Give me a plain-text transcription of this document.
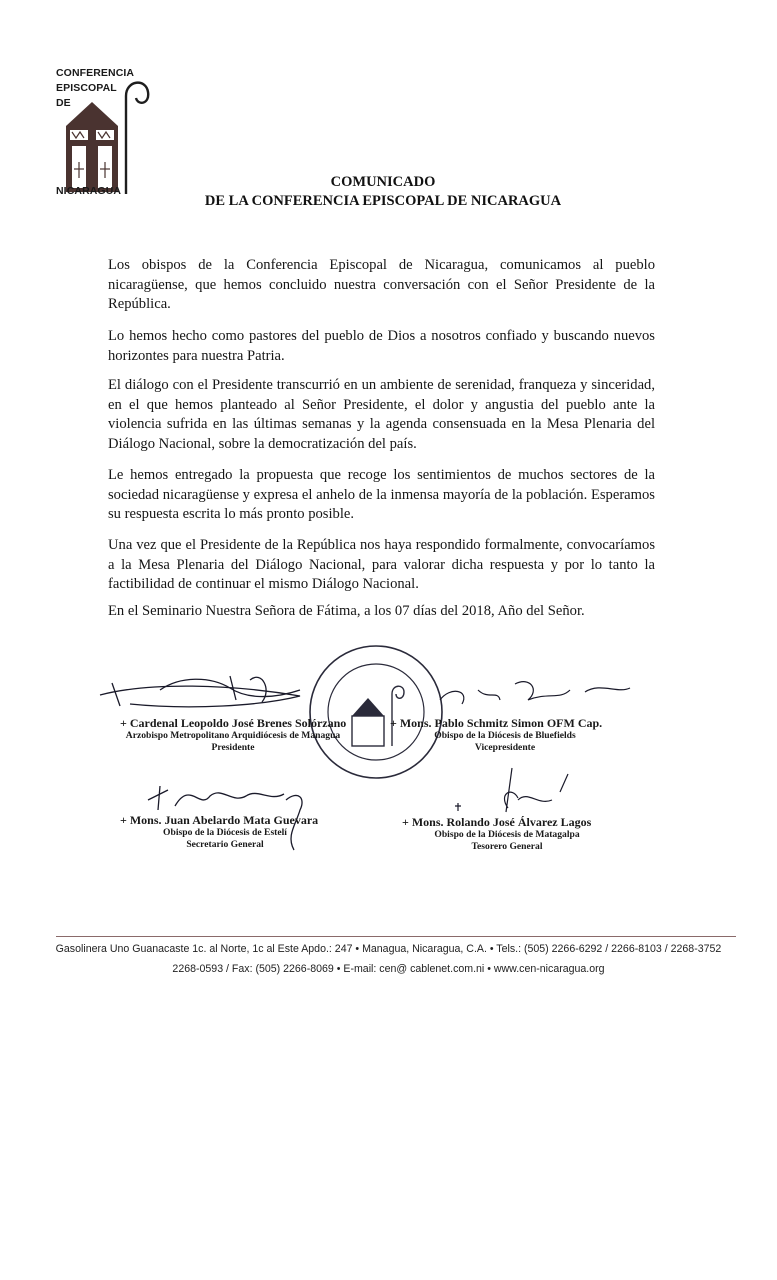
CONFERENCIA
EPISCOPAL
DE
NICARAGUA
COMUNICADO
DE LA CONFERENCIA EPISCOPAL DE NICARAGUA

Los obispos de la Conferencia Episcopal de Nicaragua, comunicamos al pueblo nicaragüense, que hemos concluido nuestra conversación con el Señor Presidente de la República.

Lo hemos hecho como pastores del pueblo de Dios a nosotros confiado y buscando nuevos horizontes para nuestra Patria.

El diálogo con el Presidente transcurrió en un ambiente de serenidad, franqueza y sinceridad, en el que hemos planteado al Señor Presidente, el dolor y angustia del pueblo ante la violencia sufrida en las últimas semanas y la agenda consensuada en la Mesa Plenaria del Diálogo Nacional, sobre la democratización del país.

Le hemos entregado la propuesta que recoge los sentimientos de muchos sectores de la sociedad nicaragüense y expresa el anhelo de la inmensa mayoría de la población. Esperamos su respuesta escrita lo más pronto posible.

Una vez que el Presidente de la República nos haya respondido formalmente, convocaríamos a la Mesa Plenaria del Diálogo Nacional, para valorar dicha respuesta y por lo tanto la factibilidad de continuar el mismo Diálogo Nacional.

En el Seminario Nuestra Señora de Fátima, a los 07 días del 2018, Año del Señor.

+ Cardenal Leopoldo José Brenes Solórzano
Arzobispo Metropolitano Arquidiócesis de Managua
Presidente
+ Mons. Pablo Schmitz Simon OFM Cap.
Obispo de la Diócesis de Bluefields
Vicepresidente
+ Mons. Juan Abelardo Mata Guevara
Obispo de la Diócesis de Estelí
Secretario General
+ Mons. Rolando José Álvarez Lagos
Obispo de la Diócesis de Matagalpa
Tesorero General
Gasolinera Uno Guanacaste 1c. al Norte, 1c al Este Apdo.: 247 • Managua, Nicaragua, C.A. • Tels.: (505) 2266-6292 / 2266-8103 / 2268-3752
2268-0593 / Fax: (505) 2266-8069 • E-mail: cen@ cablenet.com.ni • www.cen-nicaragua.org
